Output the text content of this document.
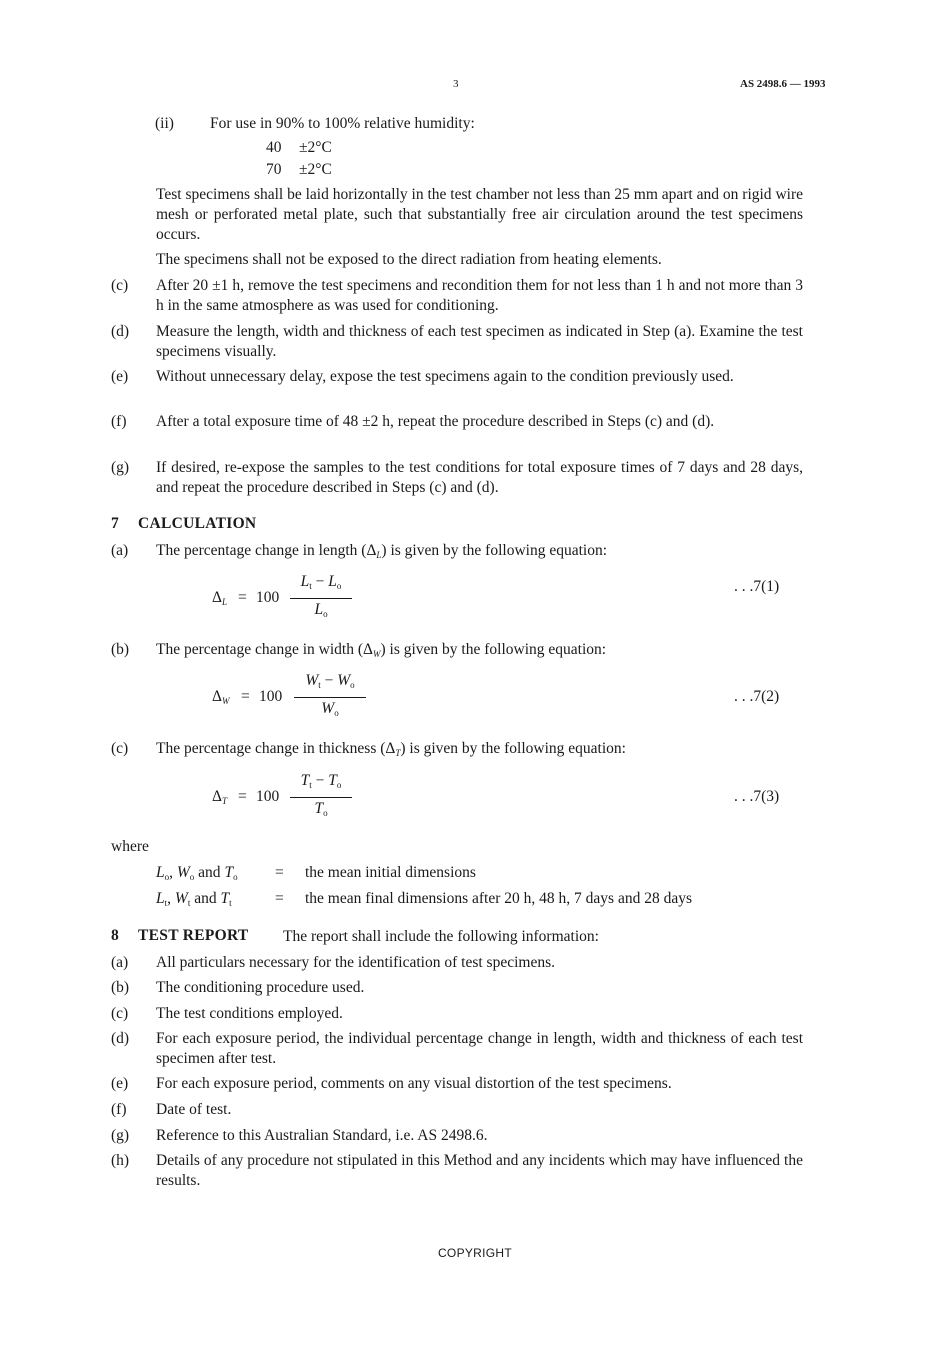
3	AS 2498.6 — 1993
(ii) For use in 90% to 100% relative humidity:
40 ±2°C
70 ±2°C
Test specimens shall be laid horizontally in the test chamber not less than 25 mm apart and on rigid wire mesh or perforated metal plate, such that substantially free air circulation around the test specimens occurs.
The specimens shall not be exposed to the direct radiation from heating elements.
(c) After 20 ±1 h, remove the test specimens and recondition them for not less than 1 h and not more than 3 h in the same atmosphere as was used for conditioning.
(d) Measure the length, width and thickness of each test specimen as indicated in Step (a). Examine the test specimens visually.
(e) Without unnecessary delay, expose the test specimens again to the condition previously used.
(f) After a total exposure time of 48 ±2 h, repeat the procedure described in Steps (c) and (d).
(g) If desired, re-expose the samples to the test conditions for total exposure times of 7 days and 28 days, and repeat the procedure described in Steps (c) and (d).
7 CALCULATION
(a) The percentage change in length $(\Delta_L)$ is given by the following equation:
$\Delta_L = 100$
$L_t - L_o$
$L_o$
. . .7(1)
(b) The percentage change in width $(\Delta_W)$ is given by the following equation:
$\Delta_W = 100$
$W_t - W_o$
$W_o$
. . .7(2)
(c) The percentage change in thickness $(\Delta_T)$ is given by the following equation:
$\Delta_T = 100$
$T_t - T_o$
$T_o$
. . .7(3)
where
$L_o$, $W_o$ and $T_o$ = the mean initial dimensions
$L_t$, $W_t$ and $T_t$	= the mean final dimensions after 20 h, 48 h, 7 days and 28 days
8 TEST REPORT The report shall include the following information:
(a) All particulars necessary for the identification of test specimens.
(b) The conditioning procedure used.
(c) The test conditions employed.
(d) For each exposure period, the individual percentage change in length, width and thickness of each test specimen after test.
(e) For each exposure period, comments on any visual distortion of the test specimens.
(f) Date of test.
(g) Reference to this Australian Standard, i.e. AS 2498.6.
(h) Details of any procedure not stipulated in this Method and any incidents which may have influenced the results.
COPYRIGHT
